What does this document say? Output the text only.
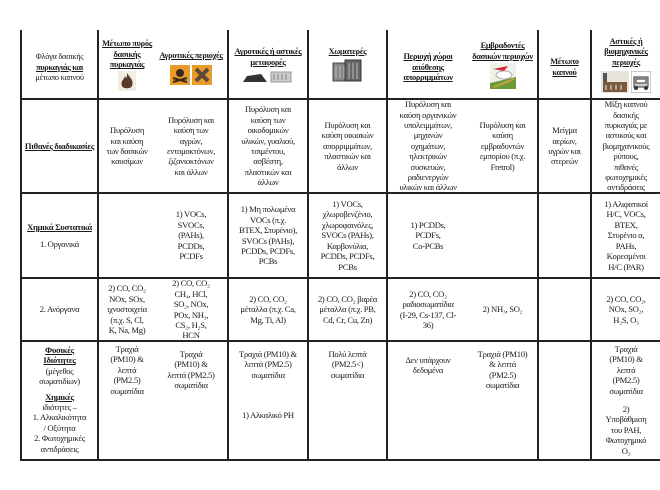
Φλόγα δασικής
πυρκαγιάς και
μέτωπο καπνού
Μέτωπο πυρός δασικής πυρκαγιάς
Αγροτικές περιοχές	Αγροτικές ή αστικές μεταφορές
Χωματερές
Περιοχή χώροι απόθεσης απορριμμάτων
Εμβραδοντές δασικών περιοχών
Μέτωπο καπνού
Αστικές ή βιομηχανικές περιοχές
Πιθανές διαδικασίες
Πυρόλυση
και καύση
των δασικών
καυσίμων
Πυρόλυση και
καύση των
αγρών,
εντομοκτόνων,
ζιζανιοκτόνων
και άλλων
Πυρόλυση και
καύση των
οικοδομικών
υλικών, γυαλιού,
τσιμέντου,
ασβέστη,
πλαστικών και
άλλων
Πυρόλυση και
καύση οικιακών
απορριμμάτων,
πλαστικών και
άλλων
Πυρόλυση και
καύση οργανικών
υπολειμμάτων,
μηχανών
οχημάτων,
ηλεκτρικών
συσκευών,
ραδιενεργών
υλικών και άλλων
Πυρόλυση και
καύση
εμβραδυντών
εμπορίου (π.χ.
Fretrol)
Μείγμα
αερίων,
υγρών και
στερεών
Μίξη καπνού
δασικής
πυρκαγιάς με
αστικούς και
βιομηχανικούς
ρύπους,
πιθανές
φωτοχημικές
αντιδράσεις
Χημικά Συστατικά
1. Οργανικά
1) VOCs,
SVOCs,
(PAHs),
PCDDs,
PCDFs
1) Μη πολωμένα
VOCs (π.χ.
BTEX, Στυρένιο),
SVOCs (PAHs),
PCDDs, PCDFs,
PCBs
1) VOCs,
χλωροβενζένιο,
χλωροφαινόλες,
SVOCs (PAHs),
Καρβονύλια,
PCDDs, PCDFs,
PCBs
1) PCDDs,
PCDFs,
Co-PCBs
1) Αλιφατικοί
H/C, VOCs,
BTEX,
Στυρένιο α,
PAHs,
Κορεσμένοι
H/C (PAR)
2. Ανόργανα
2) CO, CO₂
NOx, SOx,
ιχνοστοιχεία
(π.χ. S, Cl,
K, Na, Mg)
2) CO, CO₂
CH₄, HCl,
SO₂, NOx,
POx, NH₃,
CS₂, H₂S,
HCN
2) CO, CO₂
μέταλλα (π.χ. Ca,
Mg, Ti, Al)
2) CO, CO₂ βαρέα
μέταλλα (π.χ. PB,
Cd, Cr, Cu, Zn)
2) CO, CO₂
ραδιοσωματίδια
(I-29, Cs-137, Cl-
36)
2) NH₃, SO₂
2) CO, CO₂,
NOx, SO₂,
H₂S, O₃
Φυσικές
Ιδιότητες
(μέγεθος
σωματιδίων)
Χημικές
ιδιότητες –
1. Αλκαλικότητα
/ Οξύτητα
2. Φωτοχημικές
αντιδράσεις
Τραχιά
(PM10) &
λεπτά
(PM2.5)
σωματίδια
Τραχιά
(PM10) &
λεπτά (PM2.5)
σωματίδια
Τραχιά (PM10) &
λεπτά (PM2.5)
σωματίδια
1) Αλκαλικό PH
Πολύ λεπτά
(PM2.5<)
σωματίδια
Δεν υπάρχουν
δεδομένα
Τραχιά (PM10)
& λεπτά
(PM2.5)
σωματίδια
Τραχιά
(PM10) &
λεπτά
(PM2.5)
σωματίδια
2)
Υποβάθμιση
του PAH,
Φωτοχημικό
O₃
